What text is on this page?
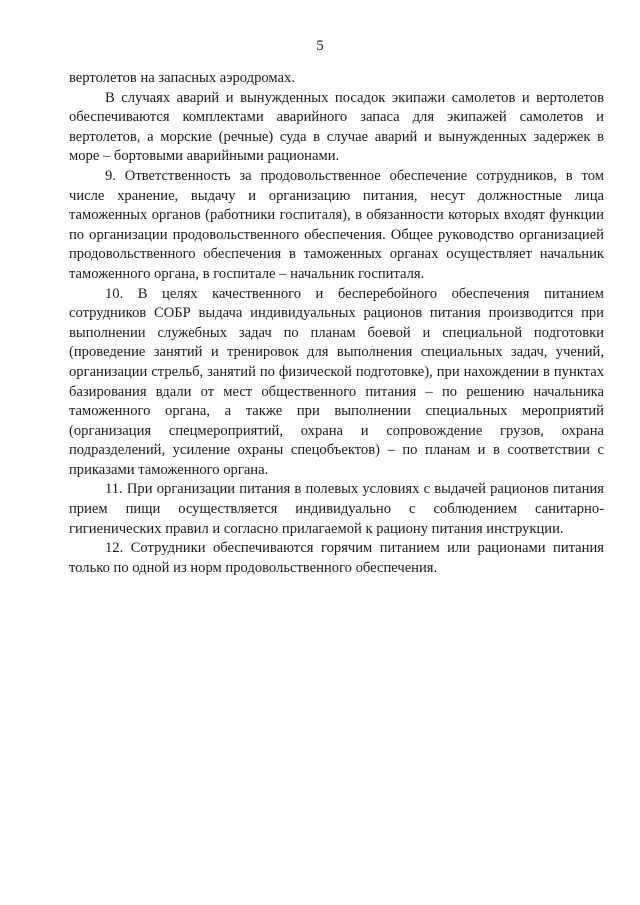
5

вертолетов на запасных аэродромах.

В случаях аварий и вынужденных посадок экипажи самолетов и вертолетов обеспечиваются комплектами аварийного запаса для экипажей самолетов и вертолетов, а морские (речные) суда в случае аварий и вынужденных задержек в море – бортовыми аварийными рационами.

9. Ответственность за продовольственное обеспечение сотрудников, в том числе хранение, выдачу и организацию питания, несут должностные лица таможенных органов (работники госпиталя), в обязанности которых входят функции по организации продовольственного обеспечения. Общее руководство организацией продовольственного обеспечения в таможенных органах осуществляет начальник таможенного органа, в госпитале – начальник госпиталя.

10. В целях качественного и бесперебойного обеспечения питанием сотрудников СОБР выдача индивидуальных рационов питания производится при выполнении служебных задач по планам боевой и специальной подготовки (проведение занятий и тренировок для выполнения специальных задач, учений, организации стрельб, занятий по физической подготовке), при нахождении в пунктах базирования вдали от мест общественного питания – по решению начальника таможенного органа, а также при выполнении специальных мероприятий (организация спецмероприятий, охрана и сопровождение грузов, охрана подразделений, усиление охраны спецобъектов) – по планам и в соответствии с приказами таможенного органа.

11. При организации питания в полевых условиях с выдачей рационов питания прием пищи осуществляется индивидуально с соблюдением санитарно-гигиенических правил и согласно прилагаемой к рациону питания инструкции.

12. Сотрудники обеспечиваются горячим питанием или рационами питания только по одной из норм продовольственного обеспечения.
